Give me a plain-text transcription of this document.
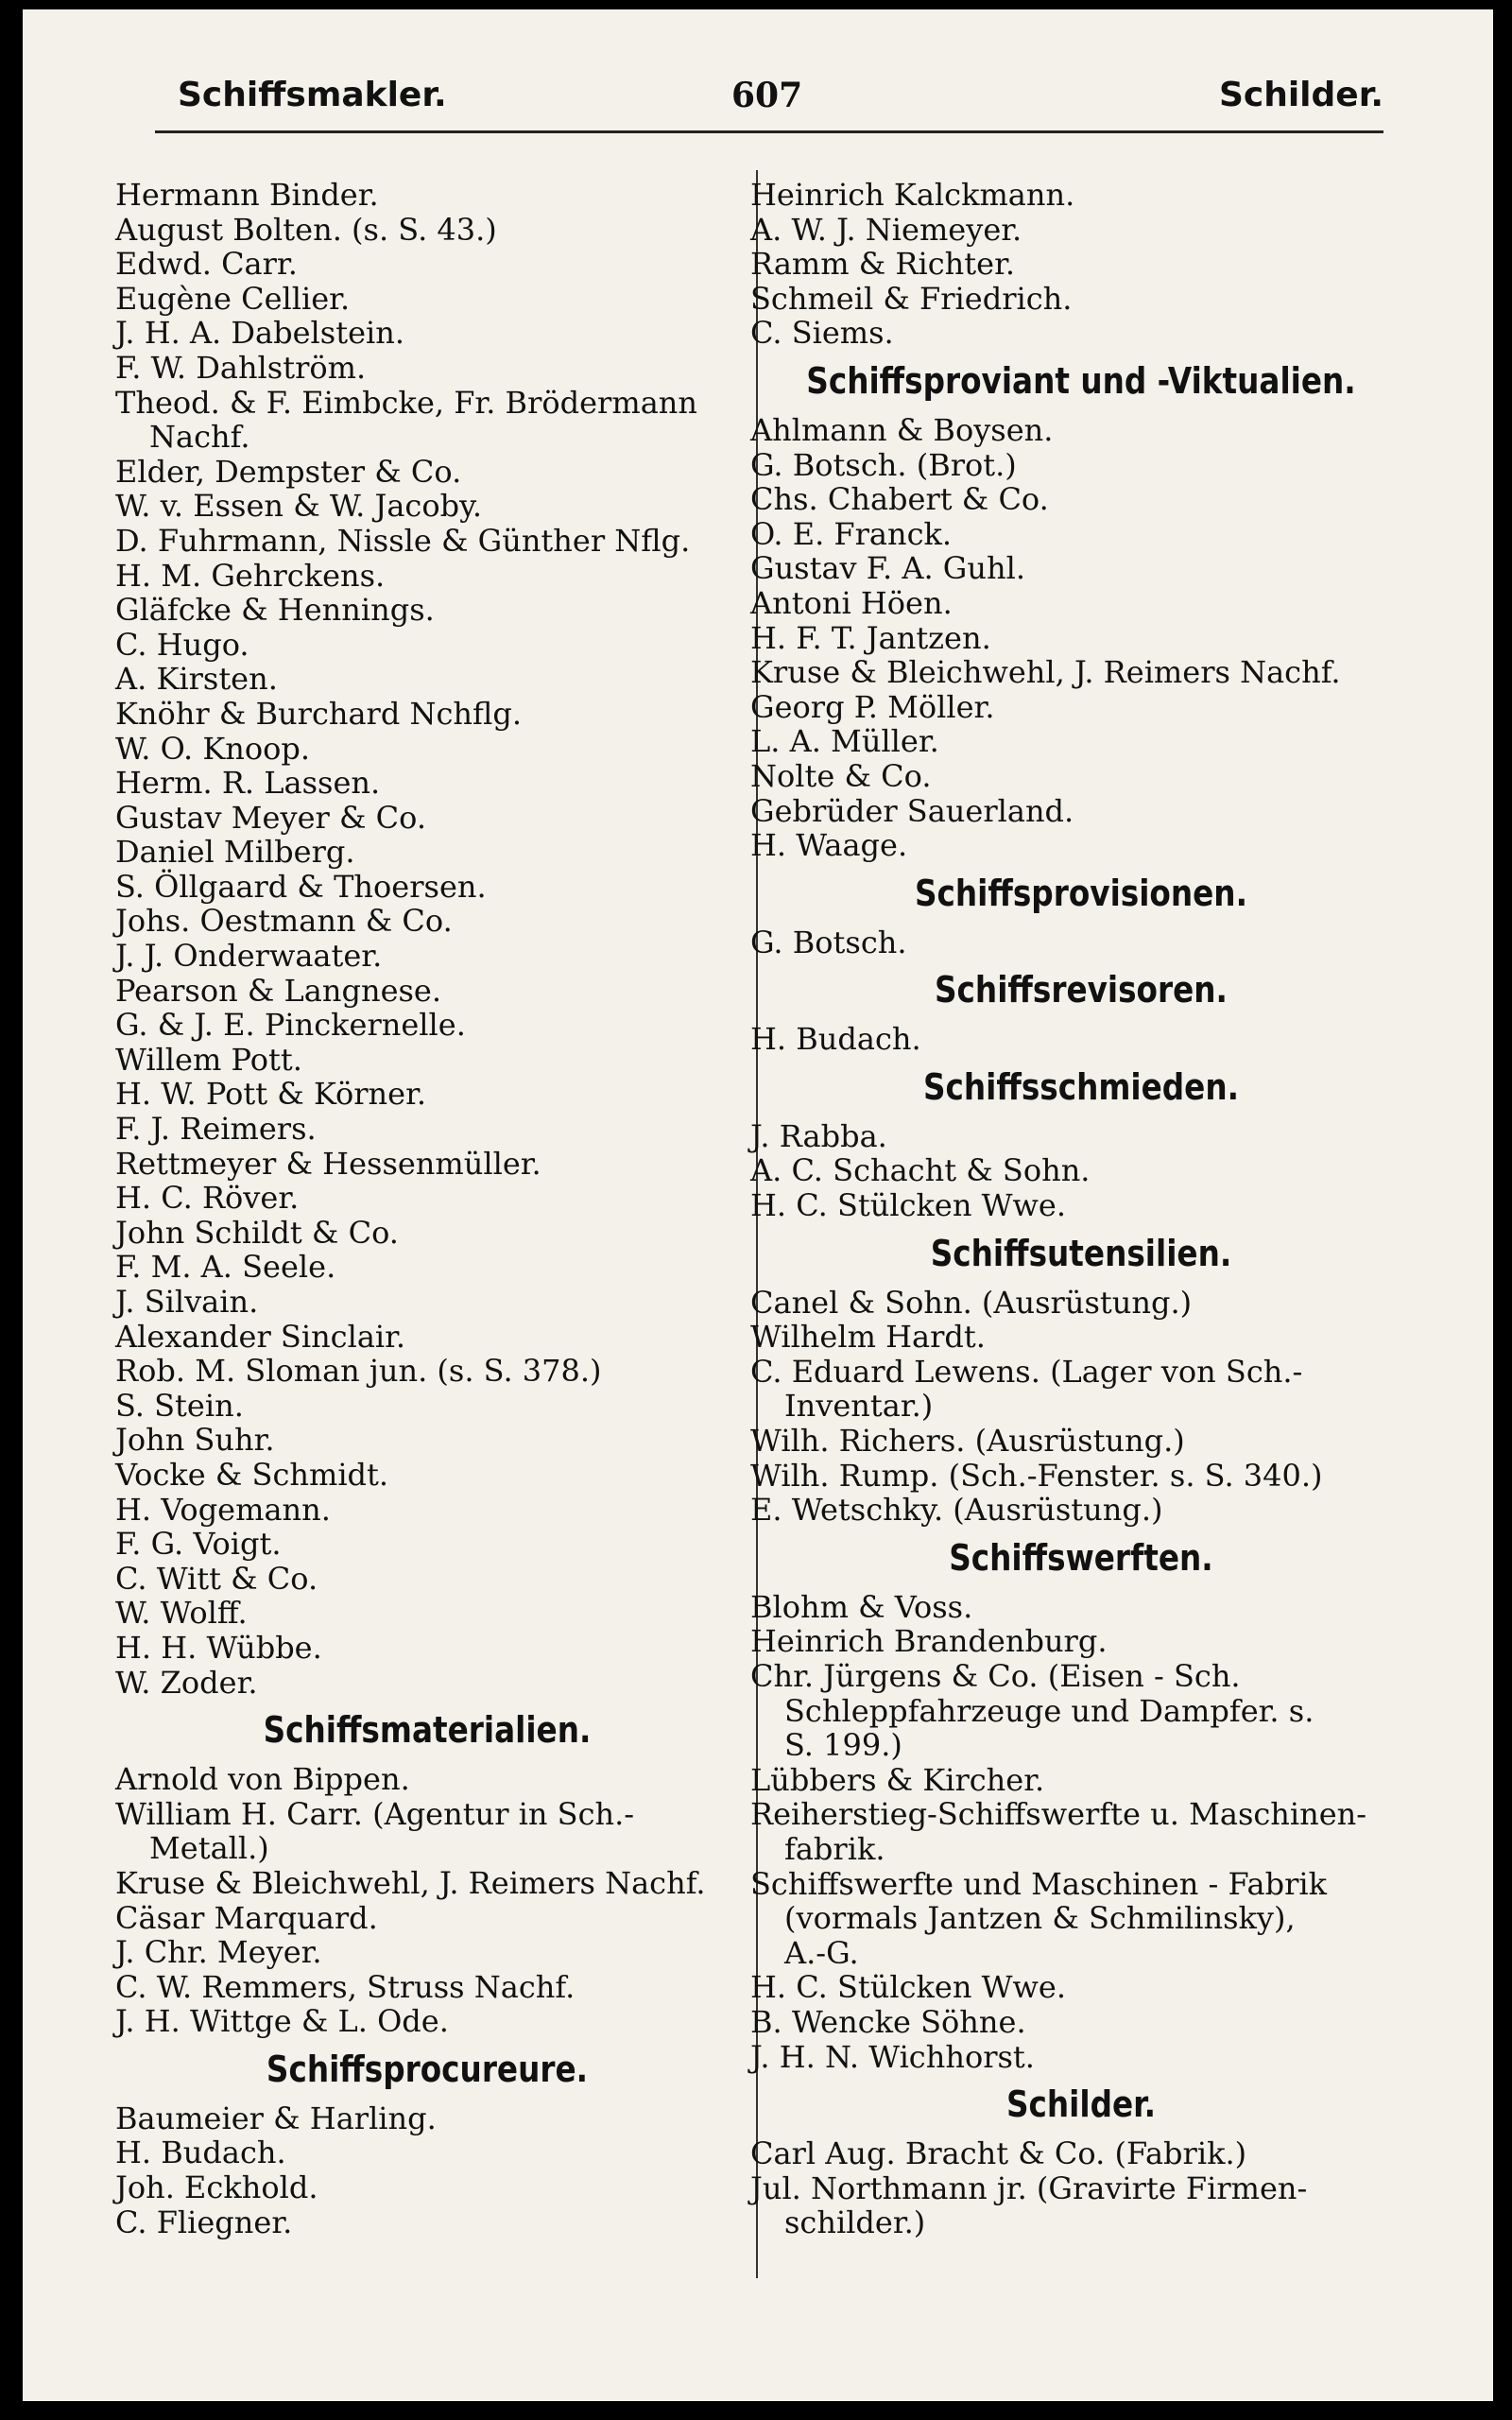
Schiffsmakler.	607	Schilder.
Hermann Binder.
August Bolten. (s. S. 43.)
Edwd. Carr.
Eugène Cellier.
J. H. A. Dabelstein.
F. W. Dahlström.
Theod. & F. Eimbcke, Fr. Brödermann
Nachf.
Elder, Dempster & Co.
W. v. Essen & W. Jacoby.
D. Fuhrmann, Nissle & Günther Nflg.
H. M. Gehrckens.
Gläfcke & Hennings.
C. Hugo.
A. Kirsten.
Knöhr & Burchard Nchflg.
W. O. Knoop.
Herm. R. Lassen.
Gustav Meyer & Co.
Daniel Milberg.
S. Öllgaard & Thoersen.
Johs. Oestmann & Co.
J. J. Onderwaater.
Pearson & Langnese.
G. & J. E. Pinckernelle.
Willem Pott.
H. W. Pott & Körner.
F. J. Reimers.
Rettmeyer & Hessenmüller.
H. C. Röver.
John Schildt & Co.
F. M. A. Seele.
J. Silvain.
Alexander Sinclair.
Rob. M. Sloman jun. (s. S. 378.)
S. Stein.
John Suhr.
Vocke & Schmidt.
H. Vogemann.
F. G. Voigt.
C. Witt & Co.
W. Wolff.
H. H. Wübbe.
W. Zoder.
Schiffsmaterialien.
Arnold von Bippen.
William H. Carr. (Agentur in Sch.-
Metall.)
Kruse & Bleichwehl, J. Reimers Nachf.
Cäsar Marquard.
J. Chr. Meyer.
C. W. Remmers, Struss Nachf.
J. H. Wittge & L. Ode.
Schiffsprocureure.
Baumeier & Harling.
H. Budach.
Joh. Eckhold.
C. Fliegner.
Heinrich Kalckmann.
A. W. J. Niemeyer.
Ramm & Richter.
Schmeil & Friedrich.
C. Siems.
Schiffsproviant und -Viktualien.
Ahlmann & Boysen.
G. Botsch. (Brot.)
Chs. Chabert & Co.
O. E. Franck.
Gustav F. A. Guhl.
Antoni Höen.
H. F. T. Jantzen.
Kruse & Bleichwehl, J. Reimers Nachf.
Georg P. Möller.
L. A. Müller.
Nolte & Co.
Gebrüder Sauerland.
H. Waage.
Schiffsprovisionen.
G. Botsch.
Schiffsrevisoren.
H. Budach.
Schiffsschmieden.
J. Rabba.
A. C. Schacht & Sohn.
H. C. Stülcken Wwe.
Schiffsutensilien.
Canel & Sohn. (Ausrüstung.)
Wilhelm Hardt.
C. Eduard Lewens. (Lager von Sch.-
Inventar.)
Wilh. Richers. (Ausrüstung.)
Wilh. Rump. (Sch.-Fenster. s. S. 340.)
E. Wetschky. (Ausrüstung.)
Schiffswerften.
Blohm & Voss.
Heinrich Brandenburg.
Chr. Jürgens & Co. (Eisen - Sch.
Schleppfahrzeuge und Dampfer. s.
S. 199.)
Lübbers & Kircher.
Reiherstieg-Schiffswerfte u. Maschinen-
fabrik.
Schiffswerfte und Maschinen - Fabrik
(vormals Jantzen & Schmilinsky),
A.-G.
H. C. Stülcken Wwe.
B. Wencke Söhne.
J. H. N. Wichhorst.
Schilder.
Carl Aug. Bracht & Co. (Fabrik.)
Jul. Northmann jr. (Gravirte Firmen-
schilder.)
